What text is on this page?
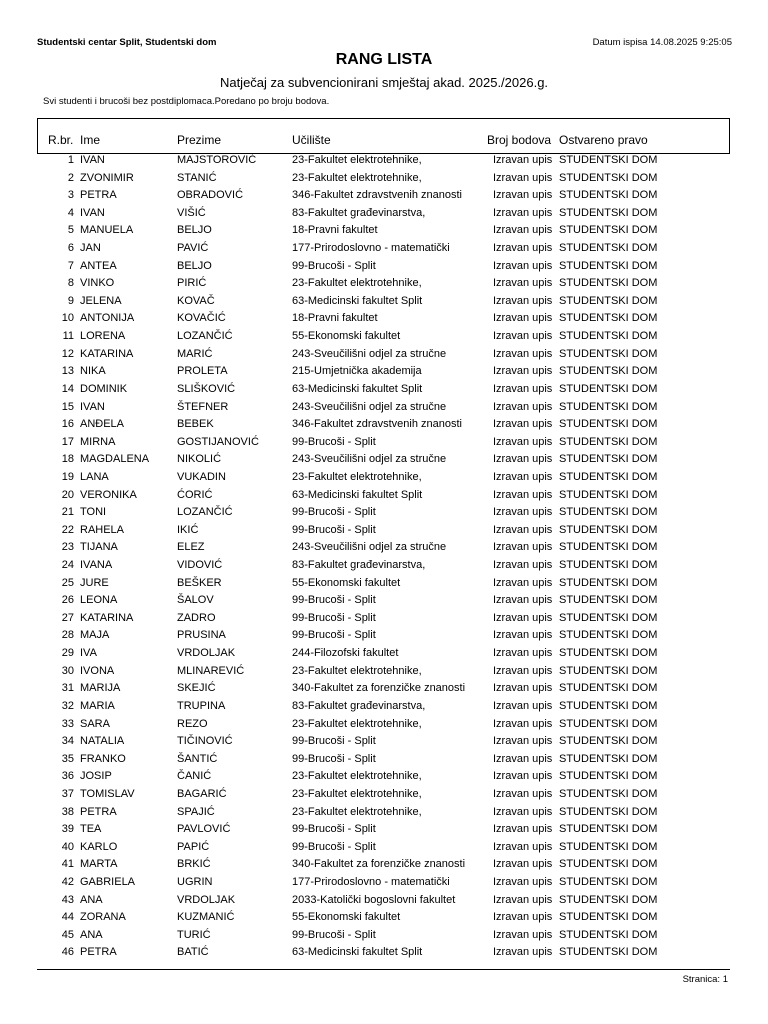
Studentski centar Split, Studentski dom	Datum ispisa 14.08.2025 9:25:05
RANG LISTA
Natječaj za subvencionirani smještaj akad. 2025./2026.g.
Svi studenti i brucoši bez postdiplomaca.Poredano po broju bodova.
R.br. Ime	Prezime	Učilište	Broj bodova Ostvareno pravo
1 IVAN	MAJSTOROVIĆ	23-Fakultet elektrotehnike,	Izravan upis STUDENTSKI DOM
2 ZVONIMIR	STANIĆ	23-Fakultet elektrotehnike,	Izravan upis STUDENTSKI DOM
3 PETRA	OBRADOVIĆ	346-Fakultet zdravstvenih znanosti	Izravan upis STUDENTSKI DOM
4 IVAN	VIŠIĆ	83-Fakultet građevinarstva,	Izravan upis STUDENTSKI DOM
5 MANUELA	BELJO	18-Pravni fakultet	Izravan upis STUDENTSKI DOM
6 JAN	PAVIĆ	177-Prirodoslovno - matematički	Izravan upis STUDENTSKI DOM
7 ANTEA	BELJO	99-Brucoši - Split	Izravan upis STUDENTSKI DOM
8 VINKO	PIRIĆ	23-Fakultet elektrotehnike,	Izravan upis STUDENTSKI DOM
9 JELENA	KOVAČ	63-Medicinski fakultet Split	Izravan upis STUDENTSKI DOM
10 ANTONIJA	KOVAČIĆ	18-Pravni fakultet	Izravan upis STUDENTSKI DOM
11 LORENA	LOZANČIĆ	55-Ekonomski fakultet	Izravan upis STUDENTSKI DOM
12 KATARINA	MARIĆ	243-Sveučilišni odjel za stručne	Izravan upis STUDENTSKI DOM
13 NIKA	PROLETA	215-Umjetnička akademija	Izravan upis STUDENTSKI DOM
14 DOMINIK	SLIŠKOVIĆ	63-Medicinski fakultet Split	Izravan upis STUDENTSKI DOM
15 IVAN	ŠTEFNER	243-Sveučilišni odjel za stručne	Izravan upis STUDENTSKI DOM
16 ANĐELA	BEBEK	346-Fakultet zdravstvenih znanosti	Izravan upis STUDENTSKI DOM
17 MIRNA	GOSTIJANOVIĆ	99-Brucoši - Split	Izravan upis STUDENTSKI DOM
18 MAGDALENA	NIKOLIĆ	243-Sveučilišni odjel za stručne	Izravan upis STUDENTSKI DOM
19 LANA	VUKADIN	23-Fakultet elektrotehnike,	Izravan upis STUDENTSKI DOM
20 VERONIKA	ĆORIĆ	63-Medicinski fakultet Split	Izravan upis STUDENTSKI DOM
21 TONI	LOZANČIĆ	99-Brucoši - Split	Izravan upis STUDENTSKI DOM
22 RAHELA	IKIĆ	99-Brucoši - Split	Izravan upis STUDENTSKI DOM
23 TIJANA	ELEZ	243-Sveučilišni odjel za stručne	Izravan upis STUDENTSKI DOM
24 IVANA	VIDOVIĆ	83-Fakultet građevinarstva,	Izravan upis STUDENTSKI DOM
25 JURE	BEŠKER	55-Ekonomski fakultet	Izravan upis STUDENTSKI DOM
26 LEONA	ŠALOV	99-Brucoši - Split	Izravan upis STUDENTSKI DOM
27 KATARINA	ZADRO	99-Brucoši - Split	Izravan upis STUDENTSKI DOM
28 MAJA	PRUSINA	99-Brucoši - Split	Izravan upis STUDENTSKI DOM
29 IVA	VRDOLJAK	244-Filozofski fakultet	Izravan upis STUDENTSKI DOM
30 IVONA	MLINAREVIĆ	23-Fakultet elektrotehnike,	Izravan upis STUDENTSKI DOM
31 MARIJA	SKEJIĆ	340-Fakultet za forenzičke znanosti	Izravan upis STUDENTSKI DOM
32 MARIA	TRUPINA	83-Fakultet građevinarstva,	Izravan upis STUDENTSKI DOM
33 SARA	REZO	23-Fakultet elektrotehnike,	Izravan upis STUDENTSKI DOM
34 NATALIA	TIČINOVIĆ	99-Brucoši - Split	Izravan upis STUDENTSKI DOM
35 FRANKO	ŠANTIĆ	99-Brucoši - Split	Izravan upis STUDENTSKI DOM
36 JOSIP	ČANIĆ	23-Fakultet elektrotehnike,	Izravan upis STUDENTSKI DOM
37 TOMISLAV	BAGARIĆ	23-Fakultet elektrotehnike,	Izravan upis STUDENTSKI DOM
38 PETRA	SPAJIĆ	23-Fakultet elektrotehnike,	Izravan upis STUDENTSKI DOM
39 TEA	PAVLOVIĆ	99-Brucoši - Split	Izravan upis STUDENTSKI DOM
40 KARLO	PAPIĆ	99-Brucoši - Split	Izravan upis STUDENTSKI DOM
41 MARTA	BRKIĆ	340-Fakultet za forenzičke znanosti	Izravan upis STUDENTSKI DOM
42 GABRIELA	UGRIN	177-Prirodoslovno - matematički	Izravan upis STUDENTSKI DOM
43 ANA	VRDOLJAK	2033-Katolički bogoslovni fakultet	Izravan upis STUDENTSKI DOM
44 ZORANA	KUZMANIĆ	55-Ekonomski fakultet	Izravan upis STUDENTSKI DOM
45 ANA	TURIĆ	99-Brucoši - Split	Izravan upis STUDENTSKI DOM
46 PETRA	BATIĆ	63-Medicinski fakultet Split	Izravan upis STUDENTSKI DOM
Stranica: 1
